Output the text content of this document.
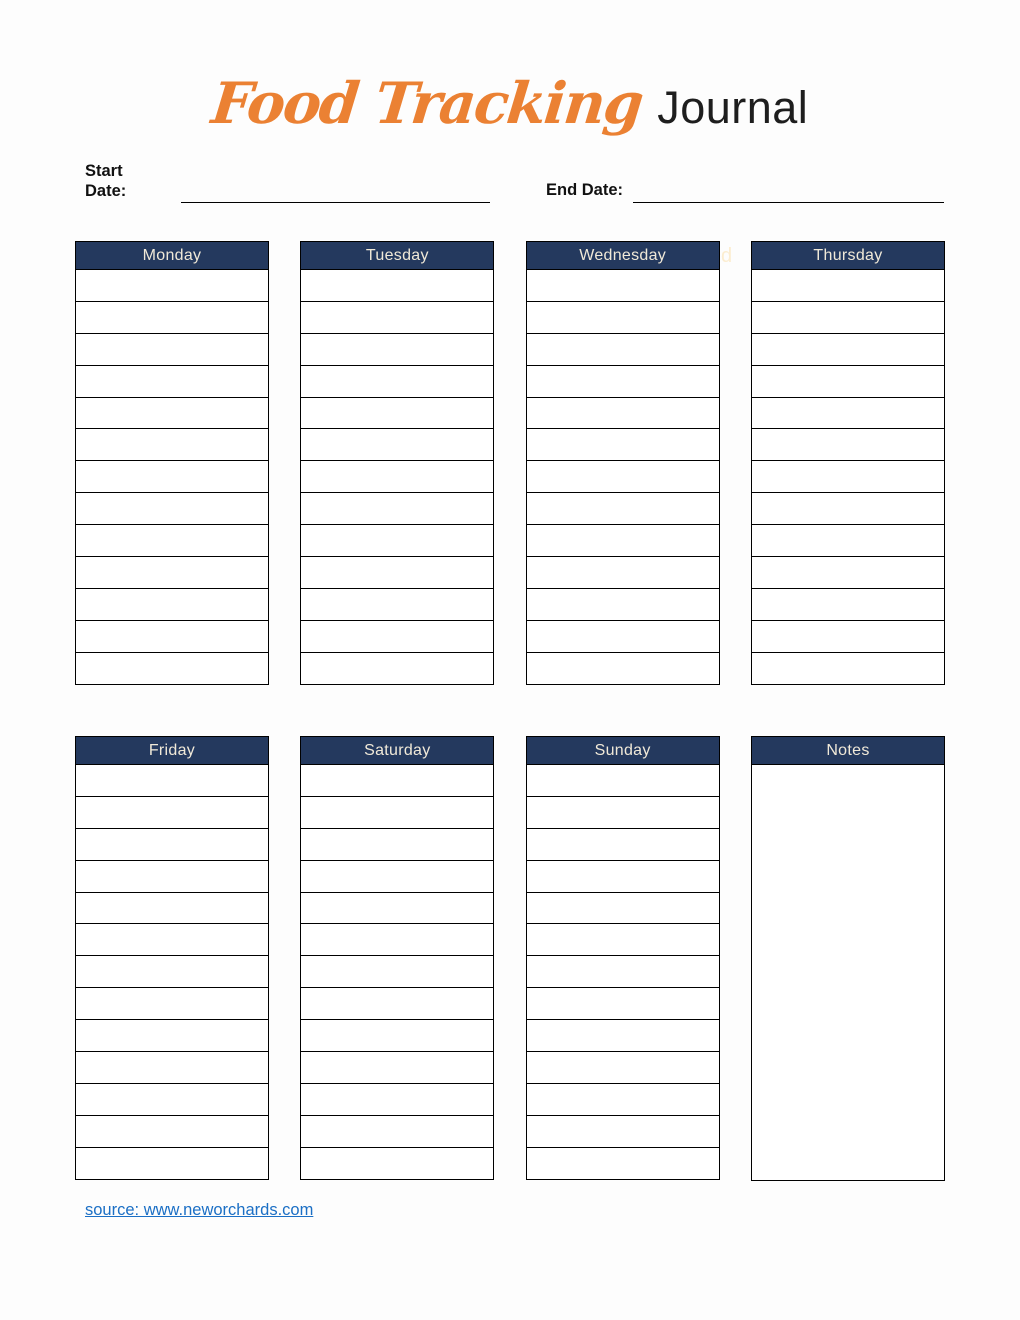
Food Tracking Journal
Start
Date:	End Date:
d
Monday	Tuesday	Wednesday	Thursday
Friday	Saturday	Sunday	Notes
source: www.neworchards.com
